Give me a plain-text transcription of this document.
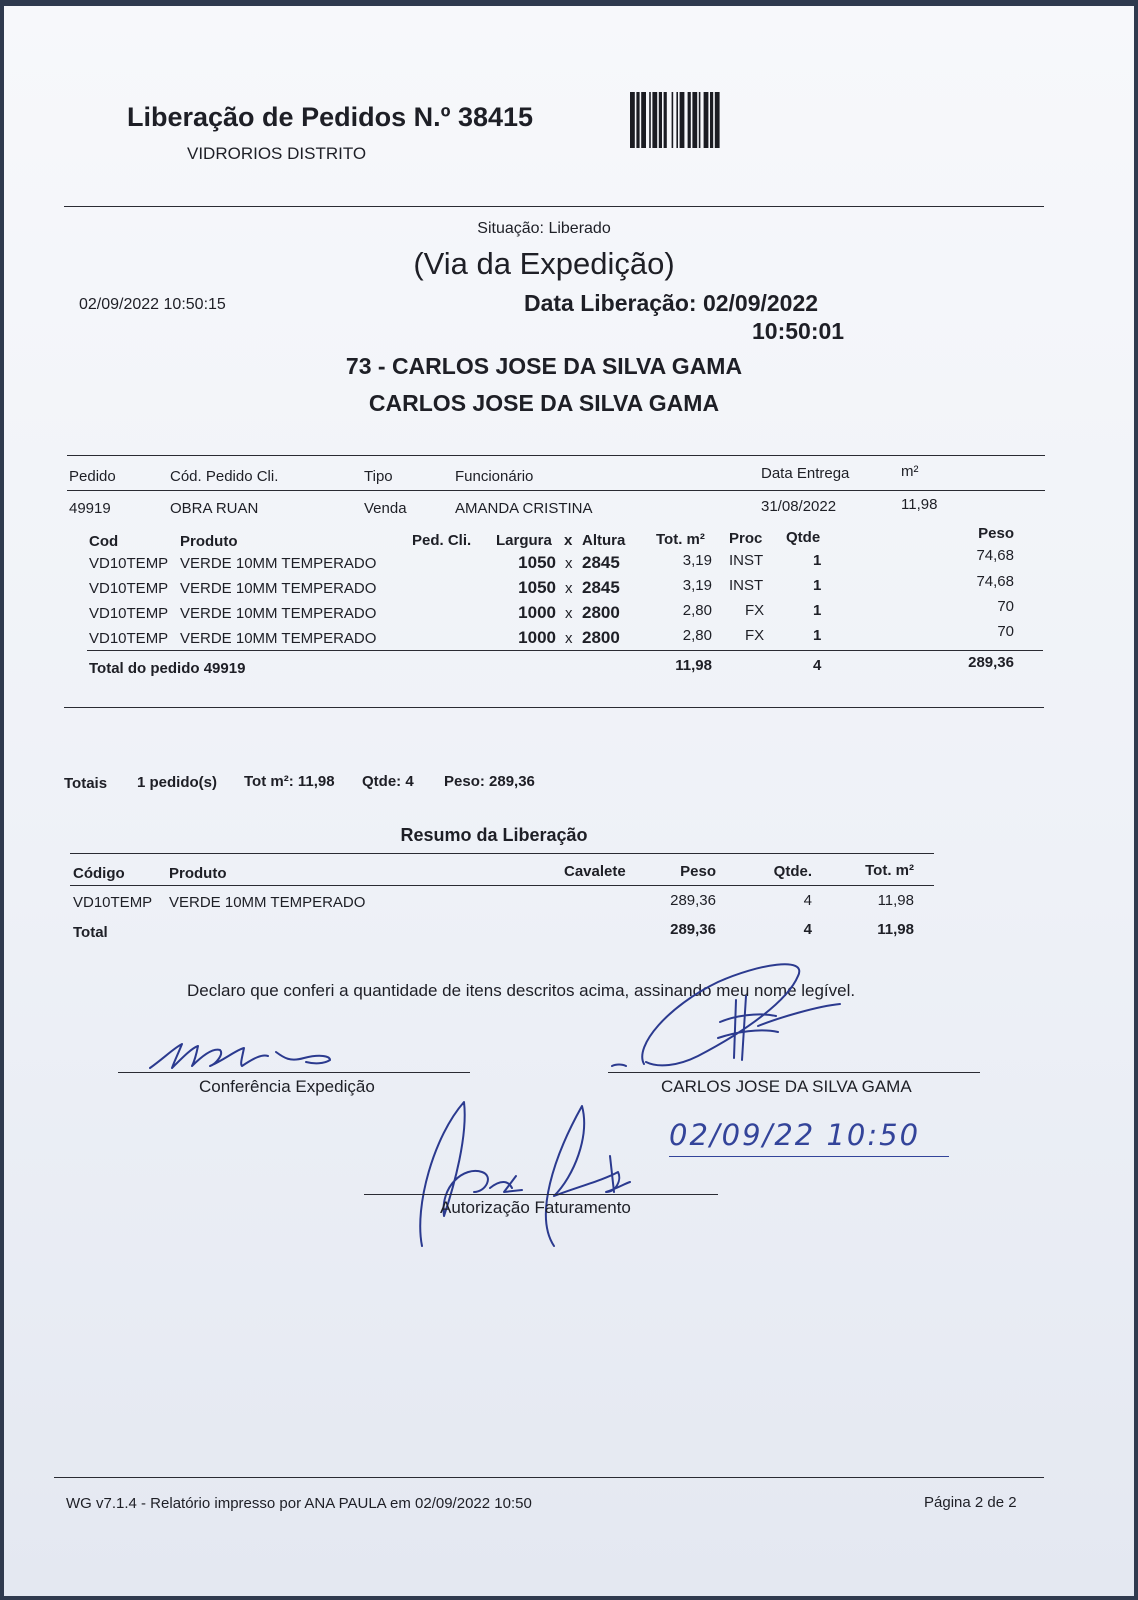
Liberação de Pedidos N.º 38415
VIDRORIOS DISTRITO
Situação: Liberado
(Via da Expedição)
02/09/2022 10:50:15	Data Liberação: 02/09/2022
10:50:01
73 - CARLOS JOSE DA SILVA GAMA
CARLOS JOSE DA SILVA GAMA
Pedido	Cód. Pedido Cli.	Tipo	Funcionário	Data Entrega	m²
49919	OBRA RUAN	Venda	AMANDA CRISTINA	31/08/2022	11,98
Cod	Produto	Ped. Cli. Largura x Altura Tot. m² Proc Qtde	Peso
VD10TEMP VERDE 10MM TEMPERADO	1050 x 2845	3,19 INST	1	74,68
VD10TEMP VERDE 10MM TEMPERADO	1050 x 2845	3,19 INST	1	74,68
VD10TEMP VERDE 10MM TEMPERADO	1000 x 2800	2,80 FX	1	70
VD10TEMP VERDE 10MM TEMPERADO	1000 x 2800	2,80 FX	1	70
Total do pedido 49919	11,98	4	289,36
Totais 1 pedido(s) Tot m²: 11,98 Qtde: 4 Peso: 289,36
Resumo da Liberação
Código	Produto	Cavalete	Peso	Qtde.	Tot. m²
VD10TEMP VERDE 10MM TEMPERADO	289,36	4	11,98
Total	289,36	4	11,98
Declaro que conferi a quantidade de itens descritos acima, assinando meu nome legível.
Conferência Expedição	CARLOS JOSE DA SILVA GAMA
02/09/22 10:50
Autorização Faturamento
WG v7.1.4 - Relatório impresso por ANA PAULA em 02/09/2022 10:50	Página 2 de 2
